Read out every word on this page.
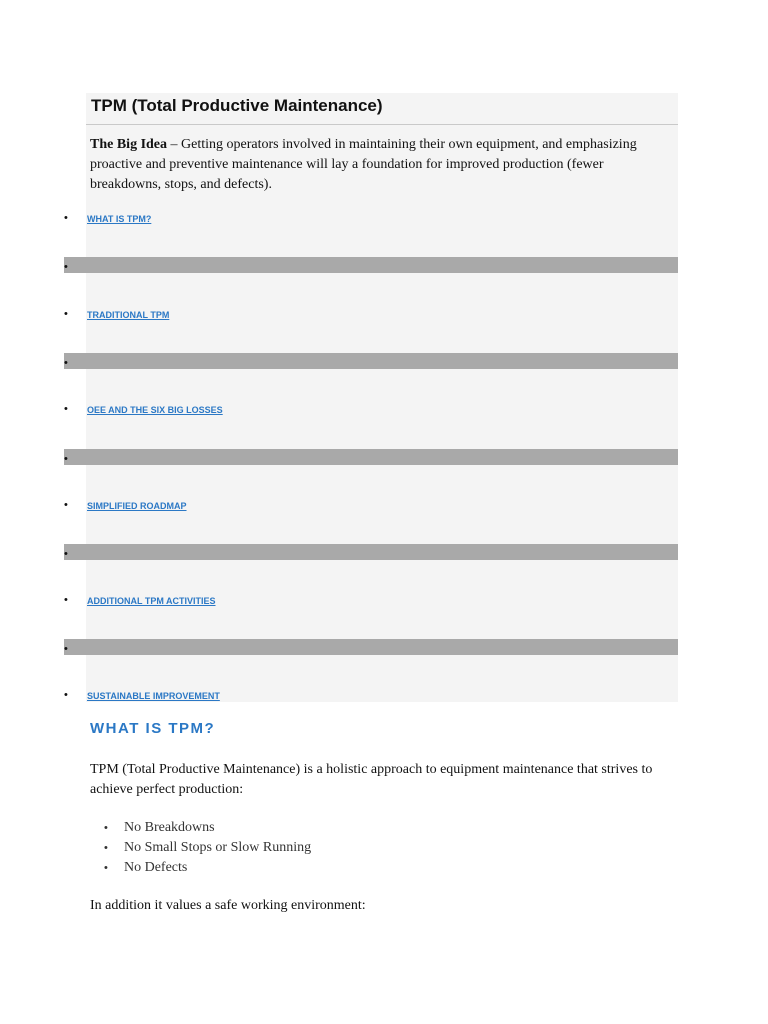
TPM (Total Productive Maintenance)

The Big Idea – Getting operators involved in maintaining their own equipment, and emphasizing proactive and preventive maintenance will lay a foundation for improved production (fewer breakdowns, stops, and defects).

• WHAT IS TPM?
•
• TRADITIONAL TPM
•
• OEE AND THE SIX BIG LOSSES
•
• SIMPLIFIED ROADMAP
•
• ADDITIONAL TPM ACTIVITIES
•
• SUSTAINABLE IMPROVEMENT
WHAT IS TPM?

TPM (Total Productive Maintenance) is a holistic approach to equipment maintenance that strives to achieve perfect production:

• No Breakdowns
• No Small Stops or Slow Running
• No Defects

In addition it values a safe working environment:
